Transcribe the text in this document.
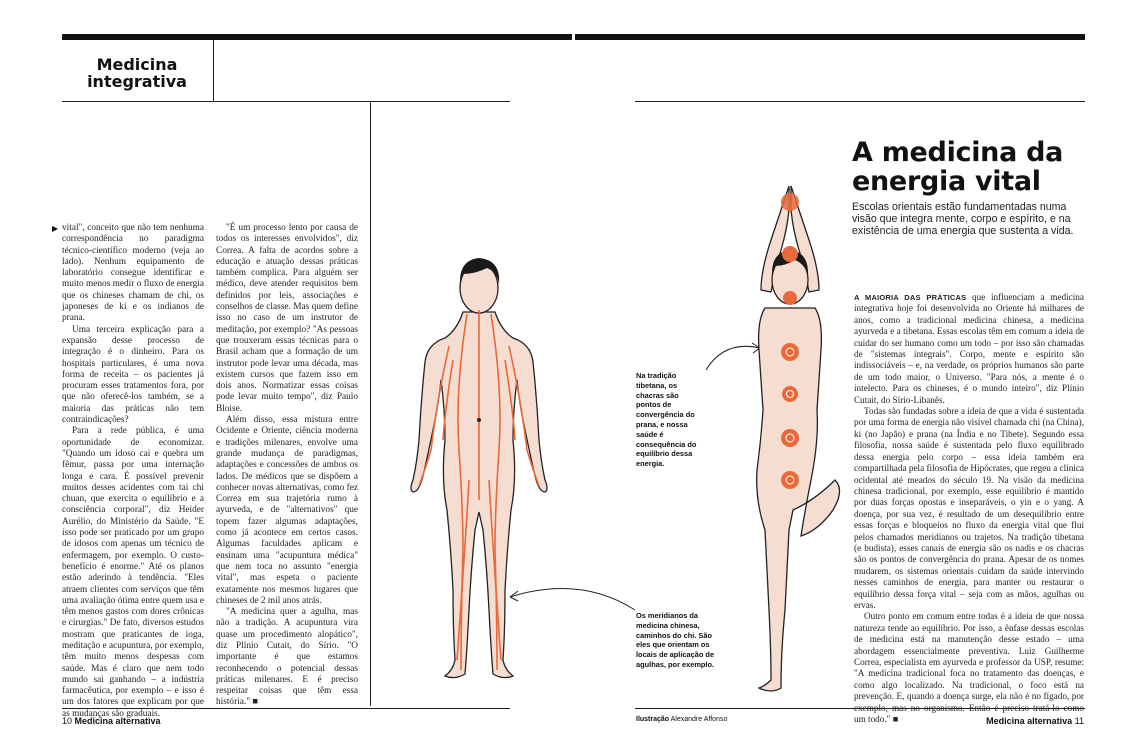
Medicina
integrativa
▶ vital", conceito que não tem nenhuma correspondência no paradigma técnico-científico moderno (veja ao lado). Nenhum equipamento de laboratório consegue identificar e muito menos medir o fluxo de energia que os chineses chamam de chi, os japoneses de ki e os indianos de prana.

Uma terceira explicação para a expansão desse processo de integração é o dinheiro. Para os hospitais particulares, é uma nova forma de receita – os pacientes já procuram esses tratamentos fora, por que não oferecê-los também, se a maioria das práticas não tem contraindicações?

Para a rede pública, é uma oportunidade de economizar. "Quando um idoso cai e quebra um fêmur, passa por uma internação longa e cara. É possível prevenir muitos desses acidentes com tai chi chuan, que exercita o equilíbrio e a consciência corporal", diz Heider Aurélio, do Ministério da Saúde. "E isso pode ser praticado por um grupo de idosos com apenas um técnico de enfermagem, por exemplo. O custo-benefício é enorme." Até os planos estão aderindo à tendência. "Eles atraem clientes com serviços que têm uma avaliação ótima entre quem usa e têm menos gastos com dores crônicas e cirurgias." De fato, diversos estudos mostram que praticantes de ioga, meditação e acupuntura, por exemplo, têm muito menos despesas com saúde. Mas é claro que nem todo mundo sai ganhando – a indústria farmacêutica, por exemplo – e isso é um dos fatores que explicam por que as mudanças são graduais.

"É um processo lento por causa de todos os interesses envolvidos", diz Correa. A falta de acordos sobre a educação e atuação dessas práticas também complica. Para alguém ser médico, deve atender requisitos bem definidos por leis, associações e conselhos de classe. Mas quem define isso no caso de um instrutor de meditação, por exemplo? "As pessoas que trouxeram essas técnicas para o Brasil acham que a formação de um instrutor pode levar uma década, mas existem cursos que fazem isso em dois anos. Normatizar essas coisas pode levar muito tempo", diz Paulo Bloise.

Além disso, essa mistura entre Ocidente e Oriente, ciência moderna e tradições milenares, envolve uma grande mudança de paradigmas, adaptações e concessões de ambos os lados. De médicos que se dispõem a conhecer novas alternativas, como fez Correa em sua trajetória rumo à ayurveda, e de "alternativos" que topem fazer algumas adaptações, como já acontece em certos casos. Algumas faculdades aplicam e ensinam uma "acupuntura médica" que nem toca no assunto "energia vital", mas espeta o paciente exatamente nos mesmos lugares que chineses de 2 mil anos atrás.

"A medicina quer a agulha, mas não a tradição. A acupuntura vira quase um procedimento alopático", diz Plínio Cutait, do Sírio. "O importante é que estamos reconhecendo o potencial dessas práticas milenares. E é preciso respeitar coisas que têm essa história." ■

Os meridianos da medicina chinesa, caminhos do chi. São eles que orientam os locais de aplicação de agulhas, por exemplo.
Na tradição tibetana, os chacras são pontos de convergência do prana, e nossa saúde é consequência do equilíbrio dessa energia.
A medicina da energia vital
Escolas orientais estão fundamentadas numa visão que integra mente, corpo e espírito, e na existência de uma energia que sustenta a vida.

A MAIORIA DAS PRÁTICAS que influenciam a medicina integrativa hoje foi desenvolvida no Oriente há milhares de anos, como a tradicional medicina chinesa, a medicina ayurveda e a tibetana. Essas escolas têm em comum a ideia de cuidar do ser humano como um todo – por isso são chamadas de "sistemas integrais". Corpo, mente e espírito são indissociáveis – e, na verdade, os próprios humanos são parte de um todo maior, o Universo. "Para nós, a mente é o intelecto. Para os chineses, é o mundo inteiro", diz Plínio Cutait, do Sírio-Libanês.

Todas são fundadas sobre a ideia de que a vida é sustentada por uma forma de energia não visível chamada chi (na China), ki (no Japão) e prana (na Índia e no Tibete). Segundo essa filosofia, nossa saúde é sustentada pelo fluxo equilibrado dessa energia pelo corpo – essa ideia também era compartilhada pela filosofia de Hipócrates, que regeu a clínica ocidental até meados do século 19. Na visão da medicina chinesa tradicional, por exemplo, esse equilíbrio é mantido por duas forças opostas e inseparáveis, o yin e o yang. A doença, por sua vez, é resultado de um desequilíbrio entre essas forças e bloqueios no fluxo da energia vital que flui pelos chamados meridianos ou trajetos. Na tradição tibetana (e budista), esses canais de energia são os nadis e os chacras são os pontos de convergência do prana. Apesar de os nomes mudarem, os sistemas orientais cuidam da saúde intervindo nesses caminhos de energia, para manter ou restaurar o equilíbrio dessa força vital – seja com as mãos, agulhas ou ervas.

Outro ponto em comum entre todas é a ideia de que nossa natureza tende ao equilíbrio. Por isso, a ênfase dessas escolas de medicina está na manutenção desse estado – uma abordagem essencialmente preventiva. Luiz Guilherme Correa, especialista em ayurveda e professor da USP, resume: "A medicina tradicional foca no tratamento das doenças, e como algo localizado. Na tradicional, o foco está na prevenção. E, quando a doença surge, ela não é no fígado, por um todo." ■

10 Medicina alternativa	Ilustração Alexandre Affonso	Medicina alternativa 11
